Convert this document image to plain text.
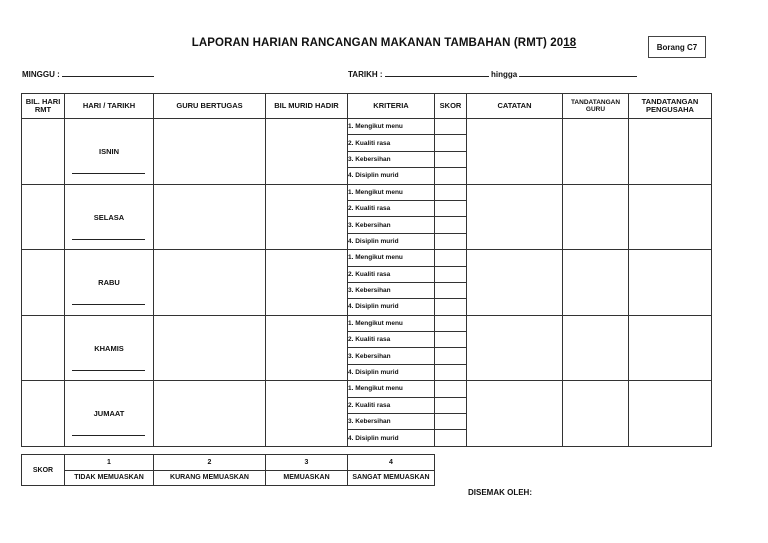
LAPORAN HARIAN RANCANGAN MAKANAN TAMBAHAN (RMT) 2018	Borang C7
MINGGU :	TARIKH :	hingga
BIL. HARI RMT	HARI / TARIKH	GURU BERTUGAS	BIL MURID HADIR	KRITERIA	SKOR	CATATAN	TANDATANGAN GURU	TANDATANGAN PENGUSAHA

	ISNIN			1. Mengikut menu				
				2. Kualiti rasa				
				3. Kebersihan				
				4. Disiplin murid				

	SELASA			1. Mengikut menu				
				2. Kualiti rasa				
				3. Kebersihan				
				4. Disiplin murid				

	RABU			1. Mengikut menu				
				2. Kualiti rasa				
				3. Kebersihan				
				4. Disiplin murid				

	KHAMIS			1. Mengikut menu				
				2. Kualiti rasa				
				3. Kebersihan				
				4. Disiplin murid				

	JUMAAT			1. Mengikut menu				
				2. Kualiti rasa				
				3. Kebersihan				
				4. Disiplin murid				
SKOR	1	2	3	4
	TIDAK MEMUASKAN	KURANG MEMUASKAN	MEMUASKAN	SANGAT MEMUASKAN
DISEMAK OLEH:
